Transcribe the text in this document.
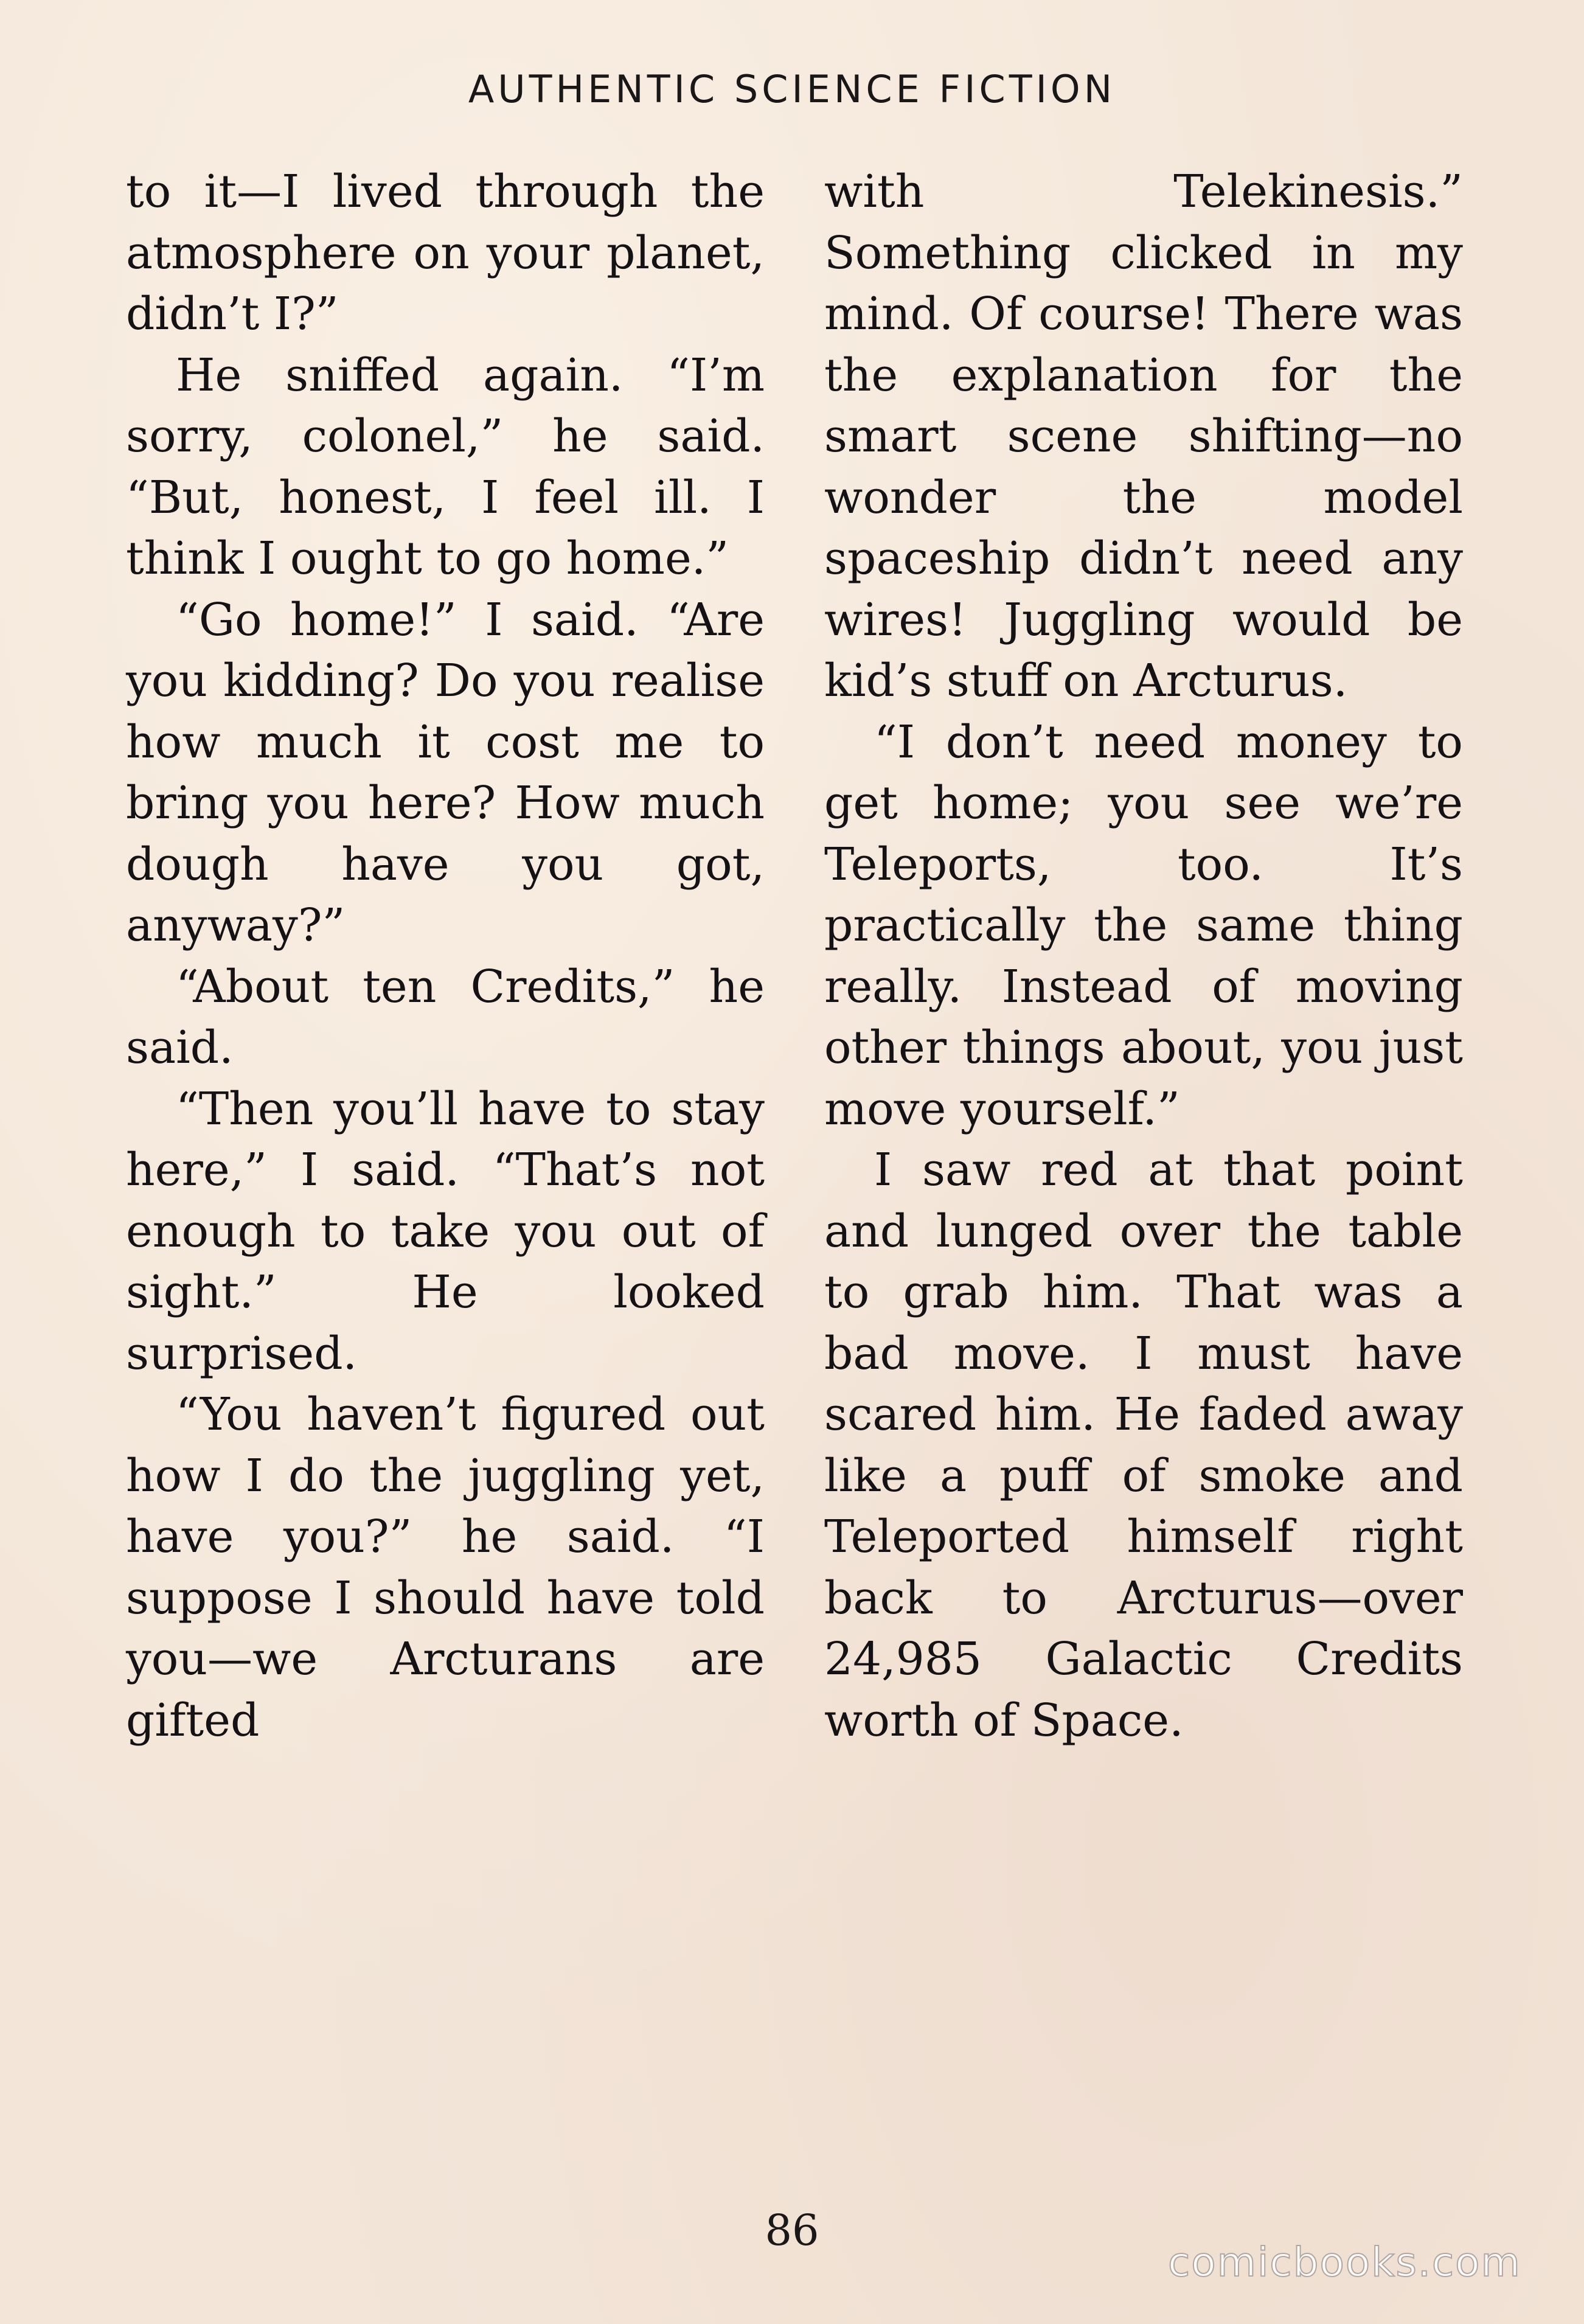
AUTHENTIC SCIENCE FICTION

to it—I lived through the atmosphere on your planet, didn’t I?”

He sniffed again. “I’m sorry, colonel,” he said. “But, honest, I feel ill. I think I ought to go home.”

“Go home!” I said. “Are you kidding? Do you realise how much it cost me to bring you here? How much dough have you got, anyway?”

“About ten Credits,” he said.

“Then you’ll have to stay here,” I said. “That’s not enough to take you out of sight.” He looked surprised.

“You haven’t figured out how I do the juggling yet, have you?” he said. “I suppose I should have told you—we Arcturans are gifted

with Telekinesis.” Something clicked in my mind. Of course! There was the explanation for the smart scene shifting—no wonder the model spaceship didn’t need any wires! Juggling would be kid’s stuff on Arcturus.

“I don’t need money to get home; you see we’re Teleports, too. It’s practically the same thing really. Instead of moving other things about, you just move yourself.”

I saw red at that point and lunged over the table to grab him. That was a bad move. I must have scared him. He faded away like a puff of smoke and Teleported himself right back to Arcturus—over 24,985 Galactic Credits worth of Space.

86
comicbooks.com
